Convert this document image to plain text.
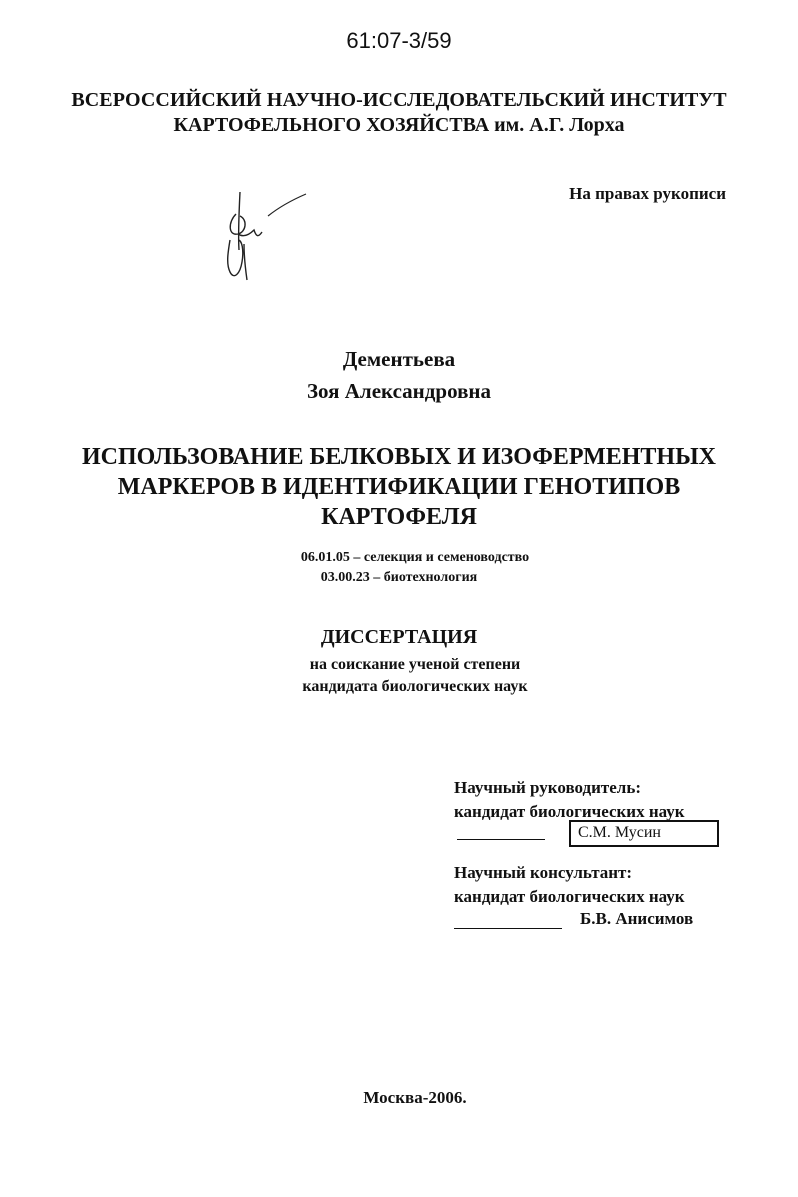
61:07-3/59
ВСЕРОССИЙСКИЙ НАУЧНО-ИССЛЕДОВАТЕЛЬСКИЙ ИНСТИТУТ
КАРТОФЕЛЬНОГО ХОЗЯЙСТВА им. А.Г. Лорха
На правах рукописи
Дементьева
Зоя Александровна
ИСПОЛЬЗОВАНИЕ БЕЛКОВЫХ И ИЗОФЕРМЕНТНЫХ
МАРКЕРОВ В ИДЕНТИФИКАЦИИ ГЕНОТИПОВ
КАРТОФЕЛЯ
06.01.05 – селекция и семеноводство
03.00.23 – биотехнология
ДИССЕРТАЦИЯ
на соискание ученой степени
кандидата биологических наук
Научный руководитель:
кандидат биологических наук
С.М. Мусин
Научный консультант:
кандидат биологических наук
Б.В. Анисимов
Москва-2006.
